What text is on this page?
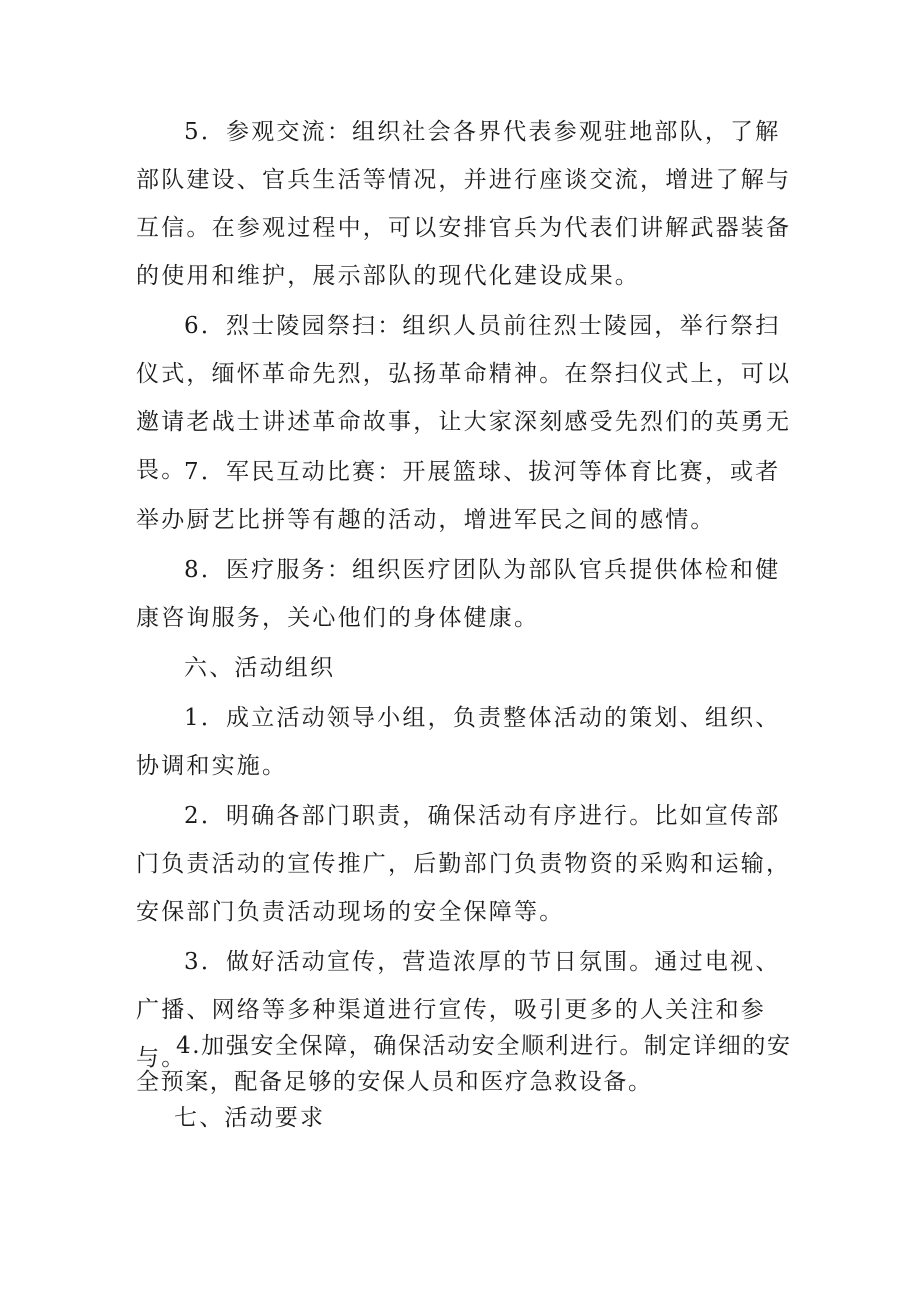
5．参观交流：组织社会各界代表参观驻地部队，了解部队建设、官兵生活等情况，并进行座谈交流，增进了解与互信。在参观过程中，可以安排官兵为代表们讲解武器装备的使用和维护，展示部队的现代化建设成果。

6．烈士陵园祭扫：组织人员前往烈士陵园，举行祭扫仪式，缅怀革命先烈，弘扬革命精神。在祭扫仪式上，可以邀请老战士讲述革命故事，让大家深刻感受先烈们的英勇无畏。

7．军民互动比赛：开展篮球、拔河等体育比赛，或者举办厨艺比拼等有趣的活动，增进军民之间的感情。

8．医疗服务：组织医疗团队为部队官兵提供体检和健康咨询服务，关心他们的身体健康。

六、活动组织

1．成立活动领导小组，负责整体活动的策划、组织、协调和实施。

2．明确各部门职责，确保活动有序进行。比如宣传部门负责活动的宣传推广，后勤部门负责物资的采购和运输，安保部门负责活动现场的安全保障等。

3．做好活动宣传，营造浓厚的节日氛围。通过电视、广播、网络等多种渠道进行宣传，吸引更多的人关注和参与。

4.加强安全保障，确保活动安全顺利进行。制定详细的安全预案，配备足够的安保人员和医疗急救设备。

七、活动要求
